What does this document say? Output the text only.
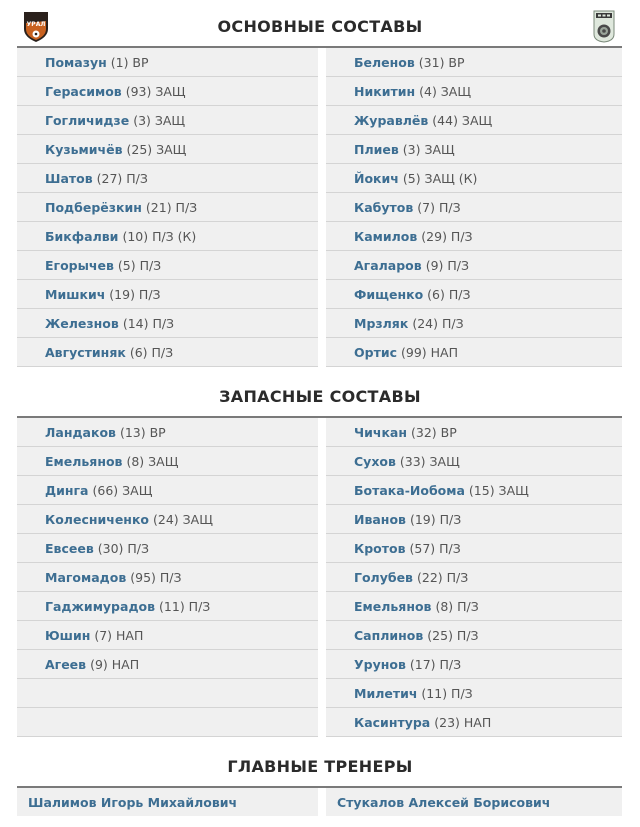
УРАЛ	ОСНОВНЫЕ СОСТАВЫ
Помазун (1) ВР
Герасимов (93) ЗАЩ
Гогличидзе (3) ЗАЩ
Кузьмичёв (25) ЗАЩ
Шатов (27) П/З
Подберёзкин (21) П/З
Бикфалви (10) П/З (К)
Егорычев (5) П/З
Мишкич (19) П/З
Железнов (14) П/З
Августиняк (6) П/З
Беленов (31) ВР
Никитин (4) ЗАЩ
Журавлёв (44) ЗАЩ
Плиев (3) ЗАЩ
Йокич (5) ЗАЩ (К)
Кабутов (7) П/З
Камилов (29) П/З
Агаларов (9) П/З
Фищенко (6) П/З
Мрзляк (24) П/З
Ортис (99) НАП
ЗАПАСНЫЕ СОСТАВЫ
Ландаков (13) ВР
Емельянов (8) ЗАЩ
Динга (66) ЗАЩ
Колесниченко (24) ЗАЩ
Евсеев (30) П/З
Магомадов (95) П/З
Гаджимурадов (11) П/З
Юшин (7) НАП
Агеев (9) НАП
Чичкан (32) ВР
Сухов (33) ЗАЩ
Ботака-Иобома (15) ЗАЩ
Иванов (19) П/З
Кротов (57) П/З
Голубев (22) П/З
Емельянов (8) П/З
Саплинов (25) П/З
Урунов (17) П/З
Милетич (11) П/З
Касинтура (23) НАП
ГЛАВНЫЕ ТРЕНЕРЫ
Шалимов Игорь Михайлович	Стукалов Алексей Борисович
